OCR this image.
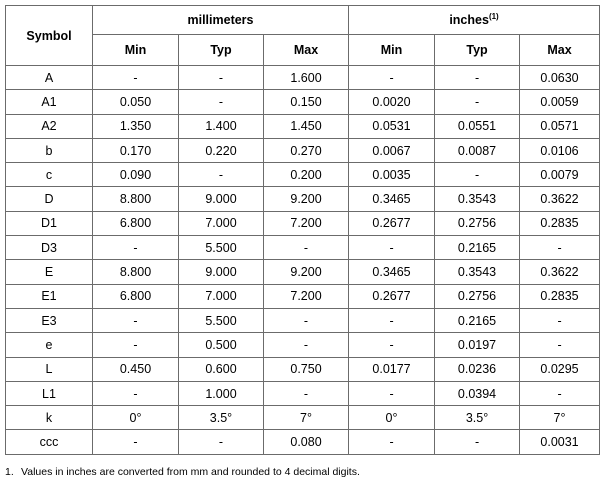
Symbol	millimeters			inches$^{(1)}$
	Min	Typ	Max	Min	Typ	Max
A	-	-	1.600	-	-	0.0630
A1	0.050	-	0.150	0.0020	-	0.0059
A2	1.350	1.400	1.450	0.0531	0.0551	0.0571
b	0.170	0.220	0.270	0.0067	0.0087	0.0106
c	0.090	-	0.200	0.0035	-	0.0079
D	8.800	9.000	9.200	0.3465	0.3543	0.3622
D1	6.800	7.000	7.200	0.2677	0.2756	0.2835
D3	-	5.500	-	-	0.2165	-
E	8.800	9.000	9.200	0.3465	0.3543	0.3622
E1	6.800	7.000	7.200	0.2677	0.2756	0.2835
E3	-	5.500	-	-	0.2165	-
e	-	0.500	-	-	0.0197	-
L	0.450	0.600	0.750	0.0177	0.0236	0.0295
L1	-	1.000	-	-	0.0394	-
k	0°	3.5°	7°	0°	3.5°	7°
ccc	-	-	0.080	-	-	0.0031
1. Values in inches are converted from mm and rounded to 4 decimal digits.
